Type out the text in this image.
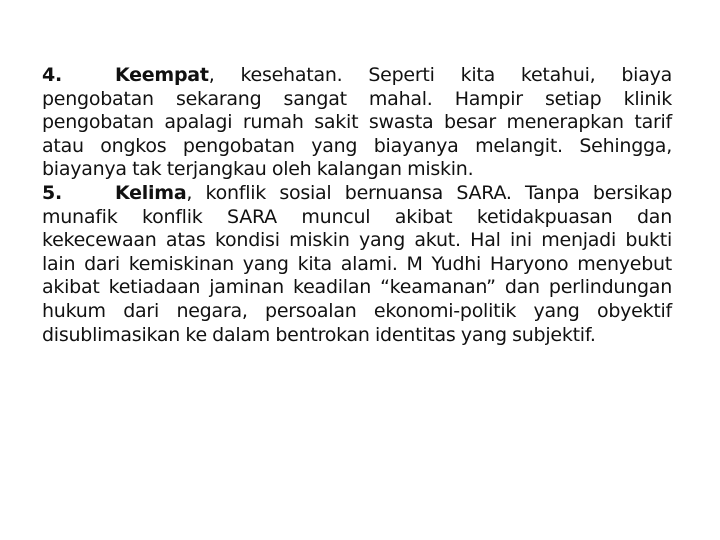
4.	Keempat, kesehatan. Seperti kita ketahui, biaya pengobatan sekarang sangat mahal. Hampir setiap klinik pengobatan apalagi rumah sakit swasta besar menerapkan tarif atau ongkos pengobatan yang biayanya melangit. Sehingga, biayanya tak terjangkau oleh kalangan miskin.

5.	Kelima, konflik sosial bernuansa SARA. Tanpa bersikap munafik konflik SARA muncul akibat ketidakpuasan dan kekecewaan atas kondisi miskin yang akut. Hal ini menjadi bukti lain dari kemiskinan yang kita alami. M Yudhi Haryono menyebut akibat ketiadaan jaminan keadilan “keamanan” dan perlindungan hukum dari negara, persoalan ekonomi-politik yang obyektif disublimasikan ke dalam bentrokan identitas yang subjektif.
